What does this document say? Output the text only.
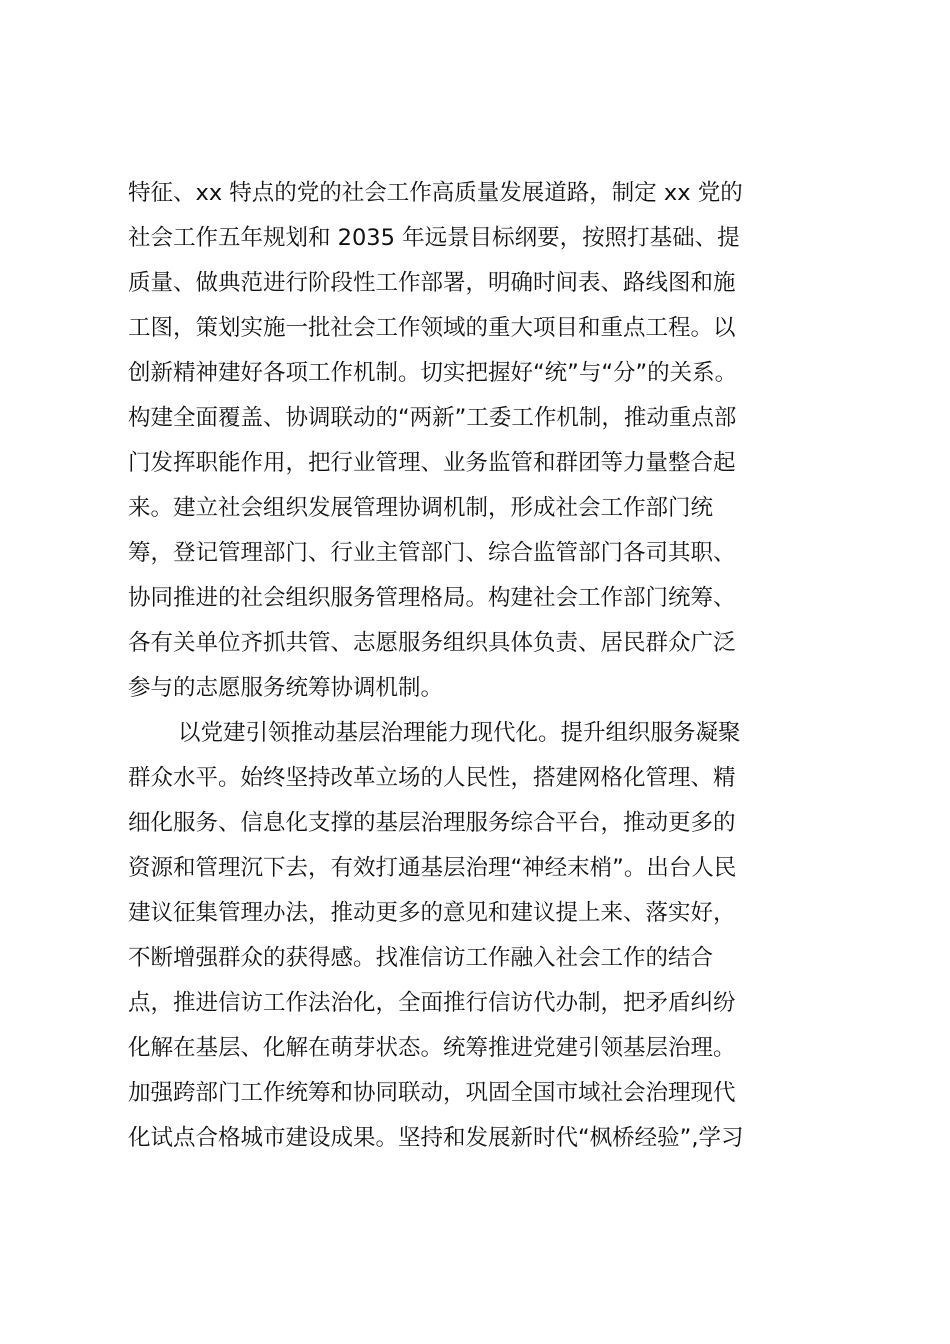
特征、xx 特点的党的社会工作高质量发展道路，制定 xx 党的
社会工作五年规划和 2035 年远景目标纲要，按照打基础、提
质量、做典范进行阶段性工作部署，明确时间表、路线图和施
工图，策划实施一批社会工作领域的重大项目和重点工程。以
创新精神建好各项工作机制。切实把握好“统”与“分”的关系。
构建全面覆盖、协调联动的“两新”工委工作机制，推动重点部
门发挥职能作用，把行业管理、业务监管和群团等力量整合起
来。建立社会组织发展管理协调机制，形成社会工作部门统
筹，登记管理部门、行业主管部门、综合监管部门各司其职、
协同推进的社会组织服务管理格局。构建社会工作部门统筹、
各有关单位齐抓共管、志愿服务组织具体负责、居民群众广泛
参与的志愿服务统筹协调机制。
以党建引领推动基层治理能力现代化。提升组织服务凝聚
群众水平。始终坚持改革立场的人民性，搭建网格化管理、精
细化服务、信息化支撑的基层治理服务综合平台，推动更多的
资源和管理沉下去，有效打通基层治理“神经末梢”。出台人民
建议征集管理办法，推动更多的意见和建议提上来、落实好，
不断增强群众的获得感。找准信访工作融入社会工作的结合
点，推进信访工作法治化，全面推行信访代办制，把矛盾纠纷
化解在基层、化解在萌芽状态。统筹推进党建引领基层治理。
加强跨部门工作统筹和协同联动，巩固全国市域社会治理现代
化试点合格城市建设成果。坚持和发展新时代“枫桥经验”,学习
